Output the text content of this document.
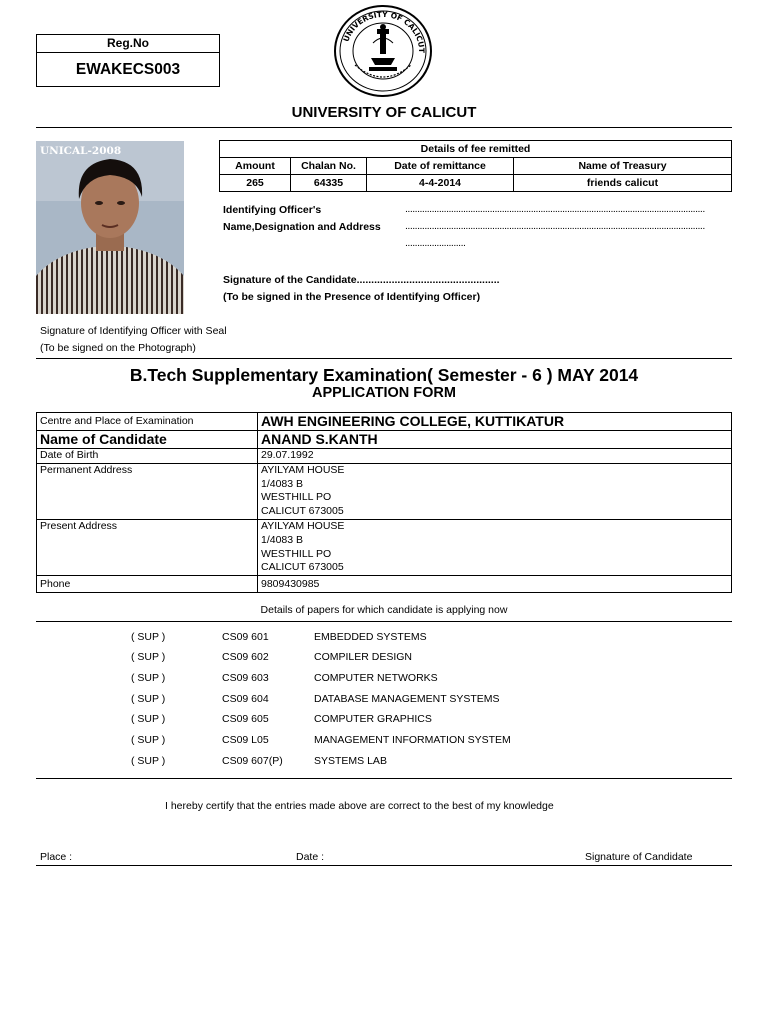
Reg.No
EWAKECS003
UNIVERSITY OF CALICUT
UNIVERSITY OF CALICUT
UNICAL-2008	Details of fee remitted			
Amount	Chalan No.	Date of remittance	Name of Treasury
265	64335	4-4-2014	friends calicut
Identifying Officer's
Name,Designation and Address
............................................................................................................................
............................................................................................................................
.........................
Signature of the Candidate.................................................
(To be signed in the Presence of Identifying Officer)
Signature of Identifying Officer with Seal
(To be signed on the Photograph)
B.Tech Supplementary Examination( Semester - 6 ) MAY 2014
APPLICATION FORM
Centre and Place of Examination	AWH ENGINEERING COLLEGE, KUTTIKATUR
Name of Candidate	ANAND S.KANTH
Date of Birth	29.07.1992
Permanent Address	AYILYAM HOUSE
1/4083 B
WESTHILL PO
CALICUT 673005

Present Address	AYILYAM HOUSE
1/4083 B
WESTHILL PO
CALICUT 673005

Phone	9809430985
Details of papers for which candidate is applying now
( SUP )	CS09 601	EMBEDDED SYSTEMS
( SUP )	CS09 602	COMPILER DESIGN
( SUP )	CS09 603	COMPUTER NETWORKS
( SUP )	CS09 604	DATABASE MANAGEMENT SYSTEMS
( SUP )	CS09 605	COMPUTER GRAPHICS
( SUP )	CS09 L05	MANAGEMENT INFORMATION SYSTEM
( SUP )	CS09 607(P)	SYSTEMS LAB
I hereby certify that the entries made above are correct to the best of my knowledge
Place :	Date :	Signature of Candidate
